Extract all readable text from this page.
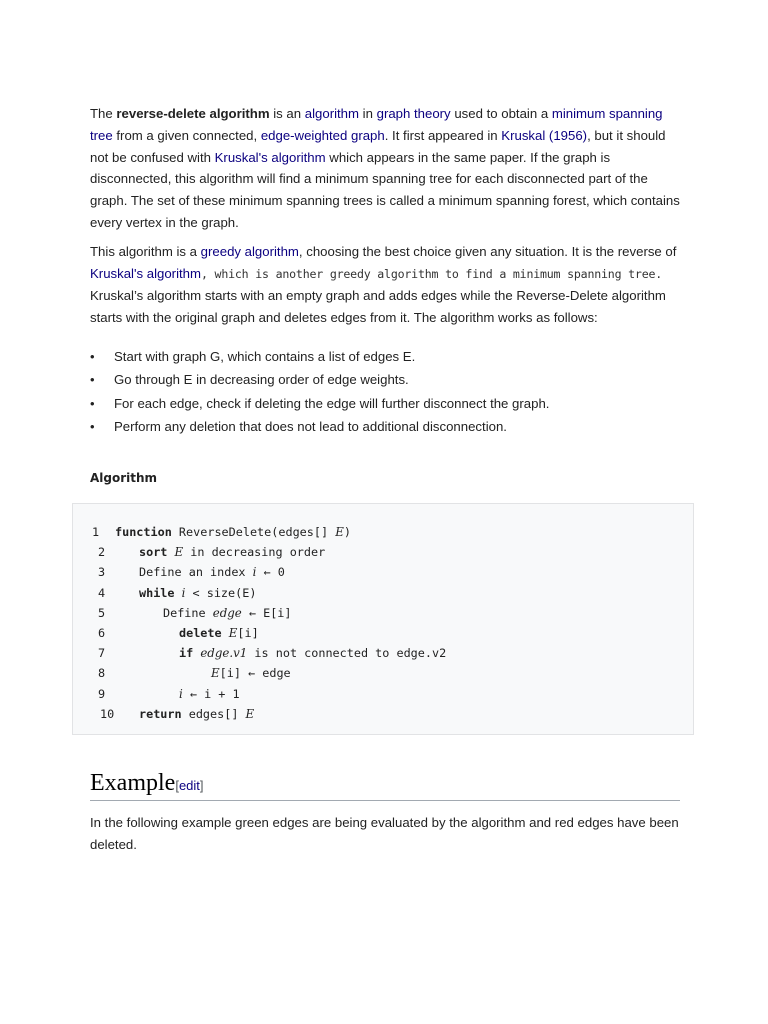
The reverse-delete algorithm is an algorithm in graph theory used to obtain a minimum spanning tree from a given connected, edge-weighted graph. It first appeared in Kruskal (1956), but it should not be confused with Kruskal's algorithm which appears in the same paper. If the graph is disconnected, this algorithm will find a minimum spanning tree for each disconnected part of the graph. The set of these minimum spanning trees is called a minimum spanning forest, which contains every vertex in the graph.

This algorithm is a greedy algorithm, choosing the best choice given any situation. It is the reverse of Kruskal's algorithm, which is another greedy algorithm to find a minimum spanning tree. Kruskal’s algorithm starts with an empty graph and adds edges while the Reverse-Delete algorithm starts with the original graph and deletes edges from it. The algorithm works as follows:

• Start with graph G, which contains a list of edges E.
• Go through E in decreasing order of edge weights.
• For each edge, check if deleting the edge will further disconnect the graph.
• Perform any deletion that does not lead to additional disconnection.
Algorithm
1	function ReverseDelete(edges[] E)
2	sort E in decreasing order
3	Define an index i ← 0
4	while i < size(E)
5	Define edge ← E[i]
6	delete E[i]
7	if edge.v1 is not connected to edge.v2
8	E[i] ← edge
9	i ← i + 1
10	return edges[] E
Example[edit]

In the following example green edges are being evaluated by the algorithm and red edges have been deleted.
